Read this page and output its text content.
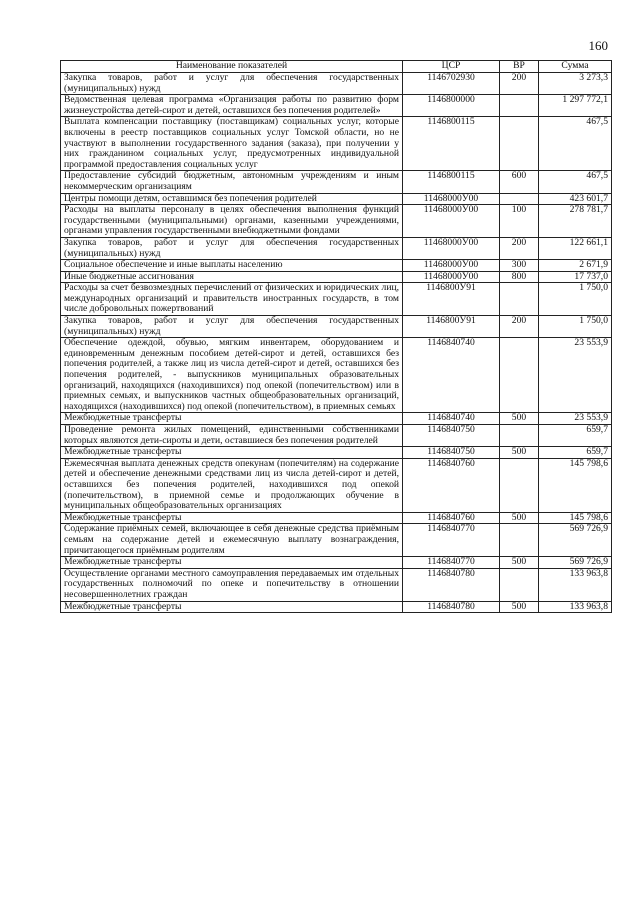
160
Наименование показателей	ЦСР	ВР	Сумма
Закупка товаров, работ и услуг для обеспечения государственных (муниципальных) нужд	1146702930	200	3 273,3
Ведомственная целевая программа «Организация работы по развитию форм жизнеустройства детей-сирот и детей, оставшихся без попечения родителей»	1146800000		1 297 772,1
Выплата компенсации поставщику (поставщикам) социальных услуг, которые включены в реестр поставщиков социальных услуг Томской области, но не участвуют в выполнении государственного задания (заказа), при получении у них гражданином социальных услуг, предусмотренных индивидуальной программой предоставления социальных услуг	1146800115		467,5
Предоставление субсидий бюджетным, автономным учреждениям и иным некоммерческим организациям	1146800115	600	467,5
Центры помощи детям, оставшимся без попечения родителей	11468000У00		423 601,7
Расходы на выплаты персоналу в целях обеспечения выполнения функций государственными (муниципальными) органами, казенными учреждениями, органами управления государственными внебюджетными фондами	11468000У00	100	278 781,7
Закупка товаров, работ и услуг для обеспечения государственных (муниципальных) нужд	11468000У00	200	122 661,1
Социальное обеспечение и иные выплаты населению	11468000У00	300	2 671,9
Иные бюджетные ассигнования	11468000У00	800	17 737,0
Расходы за счет безвозмездных перечислений от физических и юридических лиц, международных организаций и правительств иностранных государств, в том числе добровольных пожертвований	1146800У91		1 750,0
Закупка товаров, работ и услуг для обеспечения государственных (муниципальных) нужд	1146800У91	200	1 750,0
Обеспечение одеждой, обувью, мягким инвентарем, оборудованием и единовременным денежным пособием детей-сирот и детей, оставшихся без попечения родителей, а также лиц из числа детей-сирот и детей, оставшихся без попечения родителей, - выпускников муниципальных образовательных организаций, находящихся (находившихся) под опекой (попечительством) или в приемных семьях, и выпускников частных общеобразовательных организаций, находящихся (находившихся) под опекой (попечительством), в приемных семьях	1146840740		23 553,9
Межбюджетные трансферты	1146840740	500	23 553,9
Проведение ремонта жилых помещений, единственными собственниками которых являются дети-сироты и дети, оставшиеся без попечения родителей	1146840750		659,7
Межбюджетные трансферты	1146840750	500	659,7
Ежемесячная выплата денежных средств опекунам (попечителям) на содержание детей и обеспечение денежными средствами лиц из числа детей-сирот и детей, оставшихся без попечения родителей, находившихся под опекой (попечительством), в приемной семье и продолжающих обучение в муниципальных общеобразовательных организациях	1146840760		145 798,6
Межбюджетные трансферты	1146840760	500	145 798,6
Содержание приёмных семей, включающее в себя денежные средства приёмным семьям на содержание детей и ежемесячную выплату вознаграждения, причитающегося приёмным родителям	1146840770		569 726,9
Межбюджетные трансферты	1146840770	500	569 726,9
Осуществление органами местного самоуправления передаваемых им отдельных государственных полномочий по опеке и попечительству в отношении несовершеннолетних граждан	1146840780		133 963,8
Межбюджетные трансферты	1146840780	500	133 963,8
